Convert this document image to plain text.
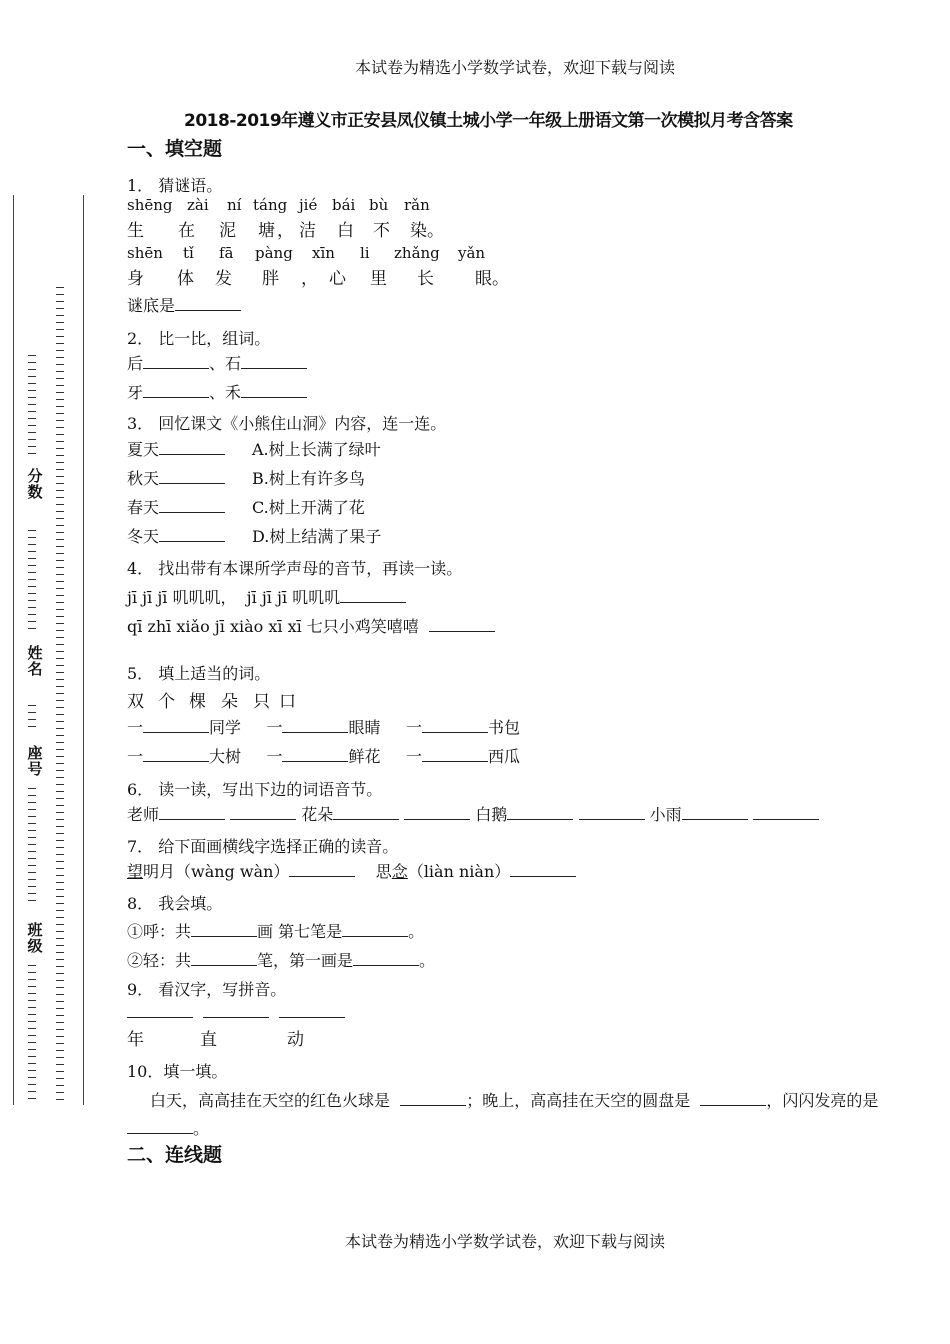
分数
姓名
座号
班级
本试卷为精选小学数学试卷，欢迎下载与阅读
2018-2019年遵义市正安县凤仪镇土城小学一年级上册语文第一次模拟月考含答案
一、填空题
1． 猜谜语。
shēng zài ní táng jié bái bù rǎn
生 在 泥 塘 ， 洁 白 不 染。
shēn tǐ fā pàng xīn li zhǎng yǎn
身 体 发 胖 ， 心 里 长 眼。
谜底是
2． 比一比，组词。
后	、石
牙	、禾
3． 回忆课文《小熊住山洞》内容，连一连。
夏天	A.树上长满了绿叶
秋天	B.树上有许多鸟
春天	C.树上开满了花
冬天	D.树上结满了果子
4． 找出带有本课所学声母的音节，再读一读。
jī jī jī 叽叽叽， jī jī jī 叽叽叽
qī zhī xiǎo jī xiào xī xī 七只小鸡笑嘻嘻
5． 填上适当的词。
双 个 棵 朵 只 口
一	同学 一	眼睛 一	书包
一	大树 一	鲜花 一	西瓜
6． 读一读，写出下边的词语音节。
老师	花朵	白鹅	小雨
7． 给下面画横线字选择正确的读音。
望明月（wàng wàn）	思念（liàn niàn）
8． 我会填。
①呼：共	画 第七笔是	。
②轻：共	笔，第一画是	。
9． 看汉字，写拼音。

年	直	动
10．填一填。
白天，高高挂在天空的红色火球是	；晚上，高高挂在天空的圆盘是	，闪闪发亮的是
。
二、连线题
本试卷为精选小学数学试卷，欢迎下载与阅读
